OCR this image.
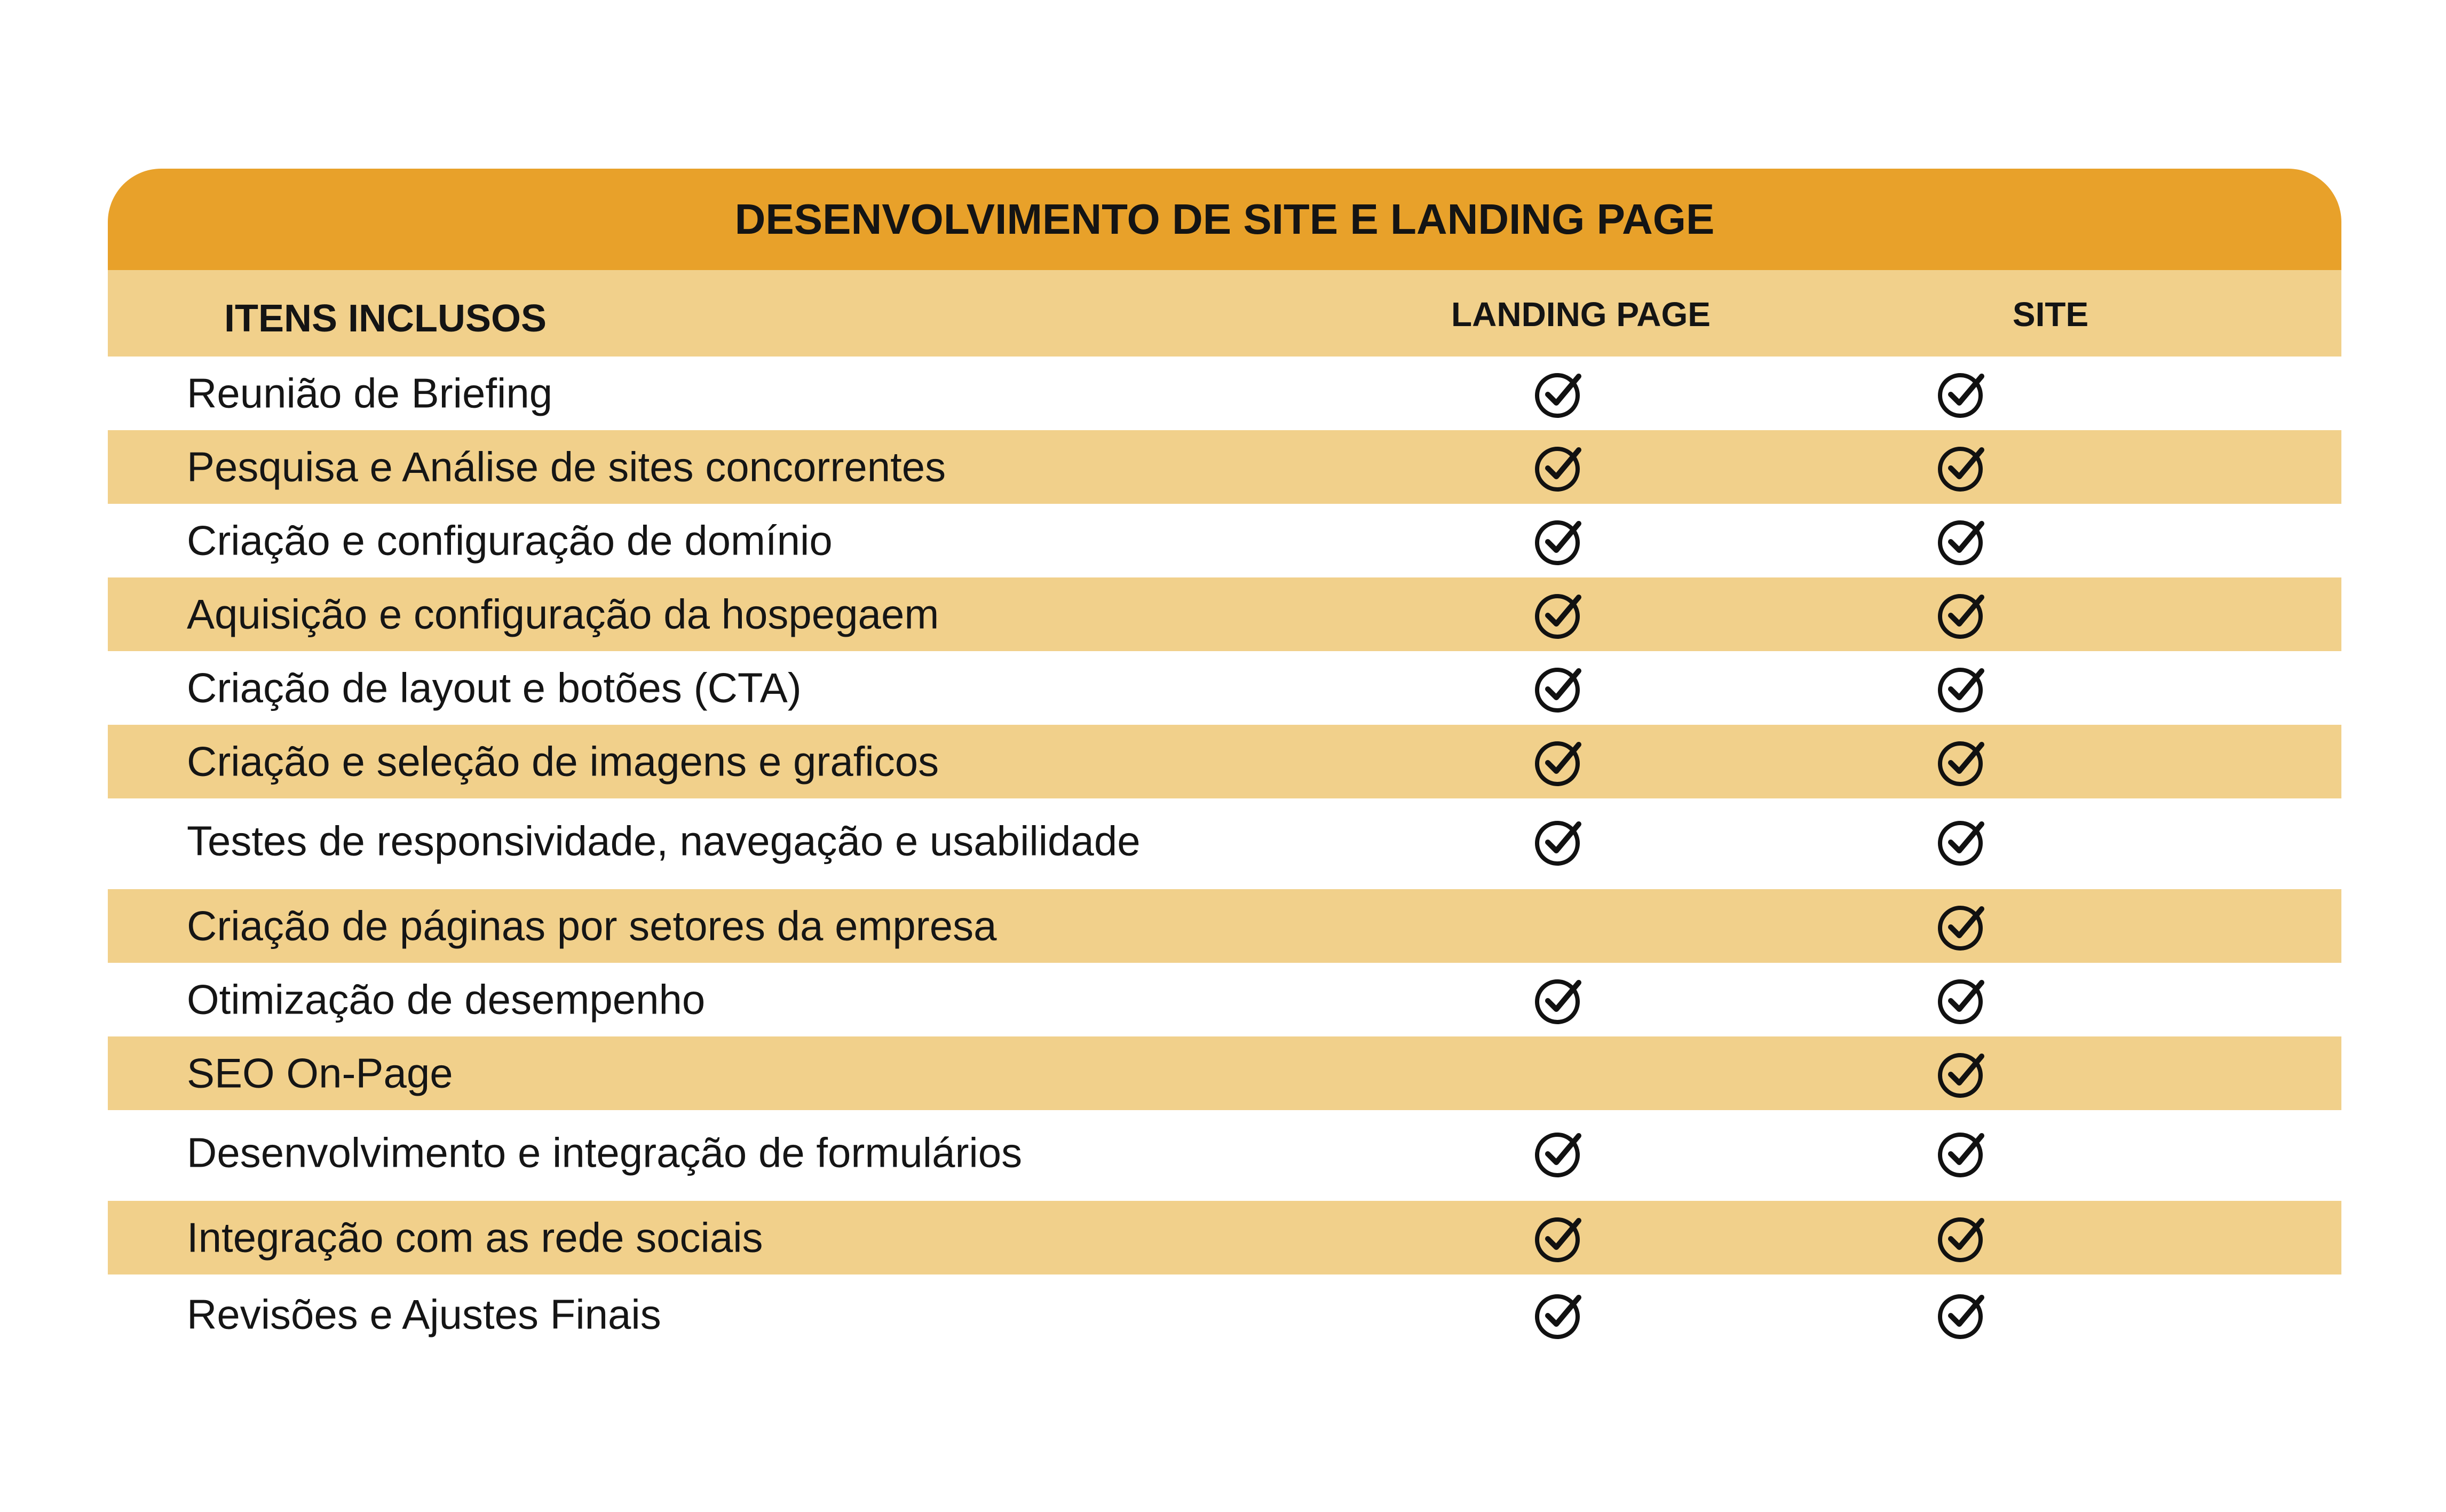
DESENVOLVIMENTO DE SITE E LANDING PAGE
ITENS INCLUSOS	LANDING PAGE	SITE
Reunião de Briefing
Pesquisa e Análise de sites concorrentes
Criação e configuração de domínio
Aquisição e configuração da hospegaem
Criação de layout e botões (CTA)
Criação e seleção de imagens e graficos
Testes de responsividade, navegação e usabilidade
Criação de páginas por setores da empresa
Otimização de desempenho
SEO On-Page
Desenvolvimento e integração de formulários
Integração com as rede sociais
Revisões e Ajustes Finais
